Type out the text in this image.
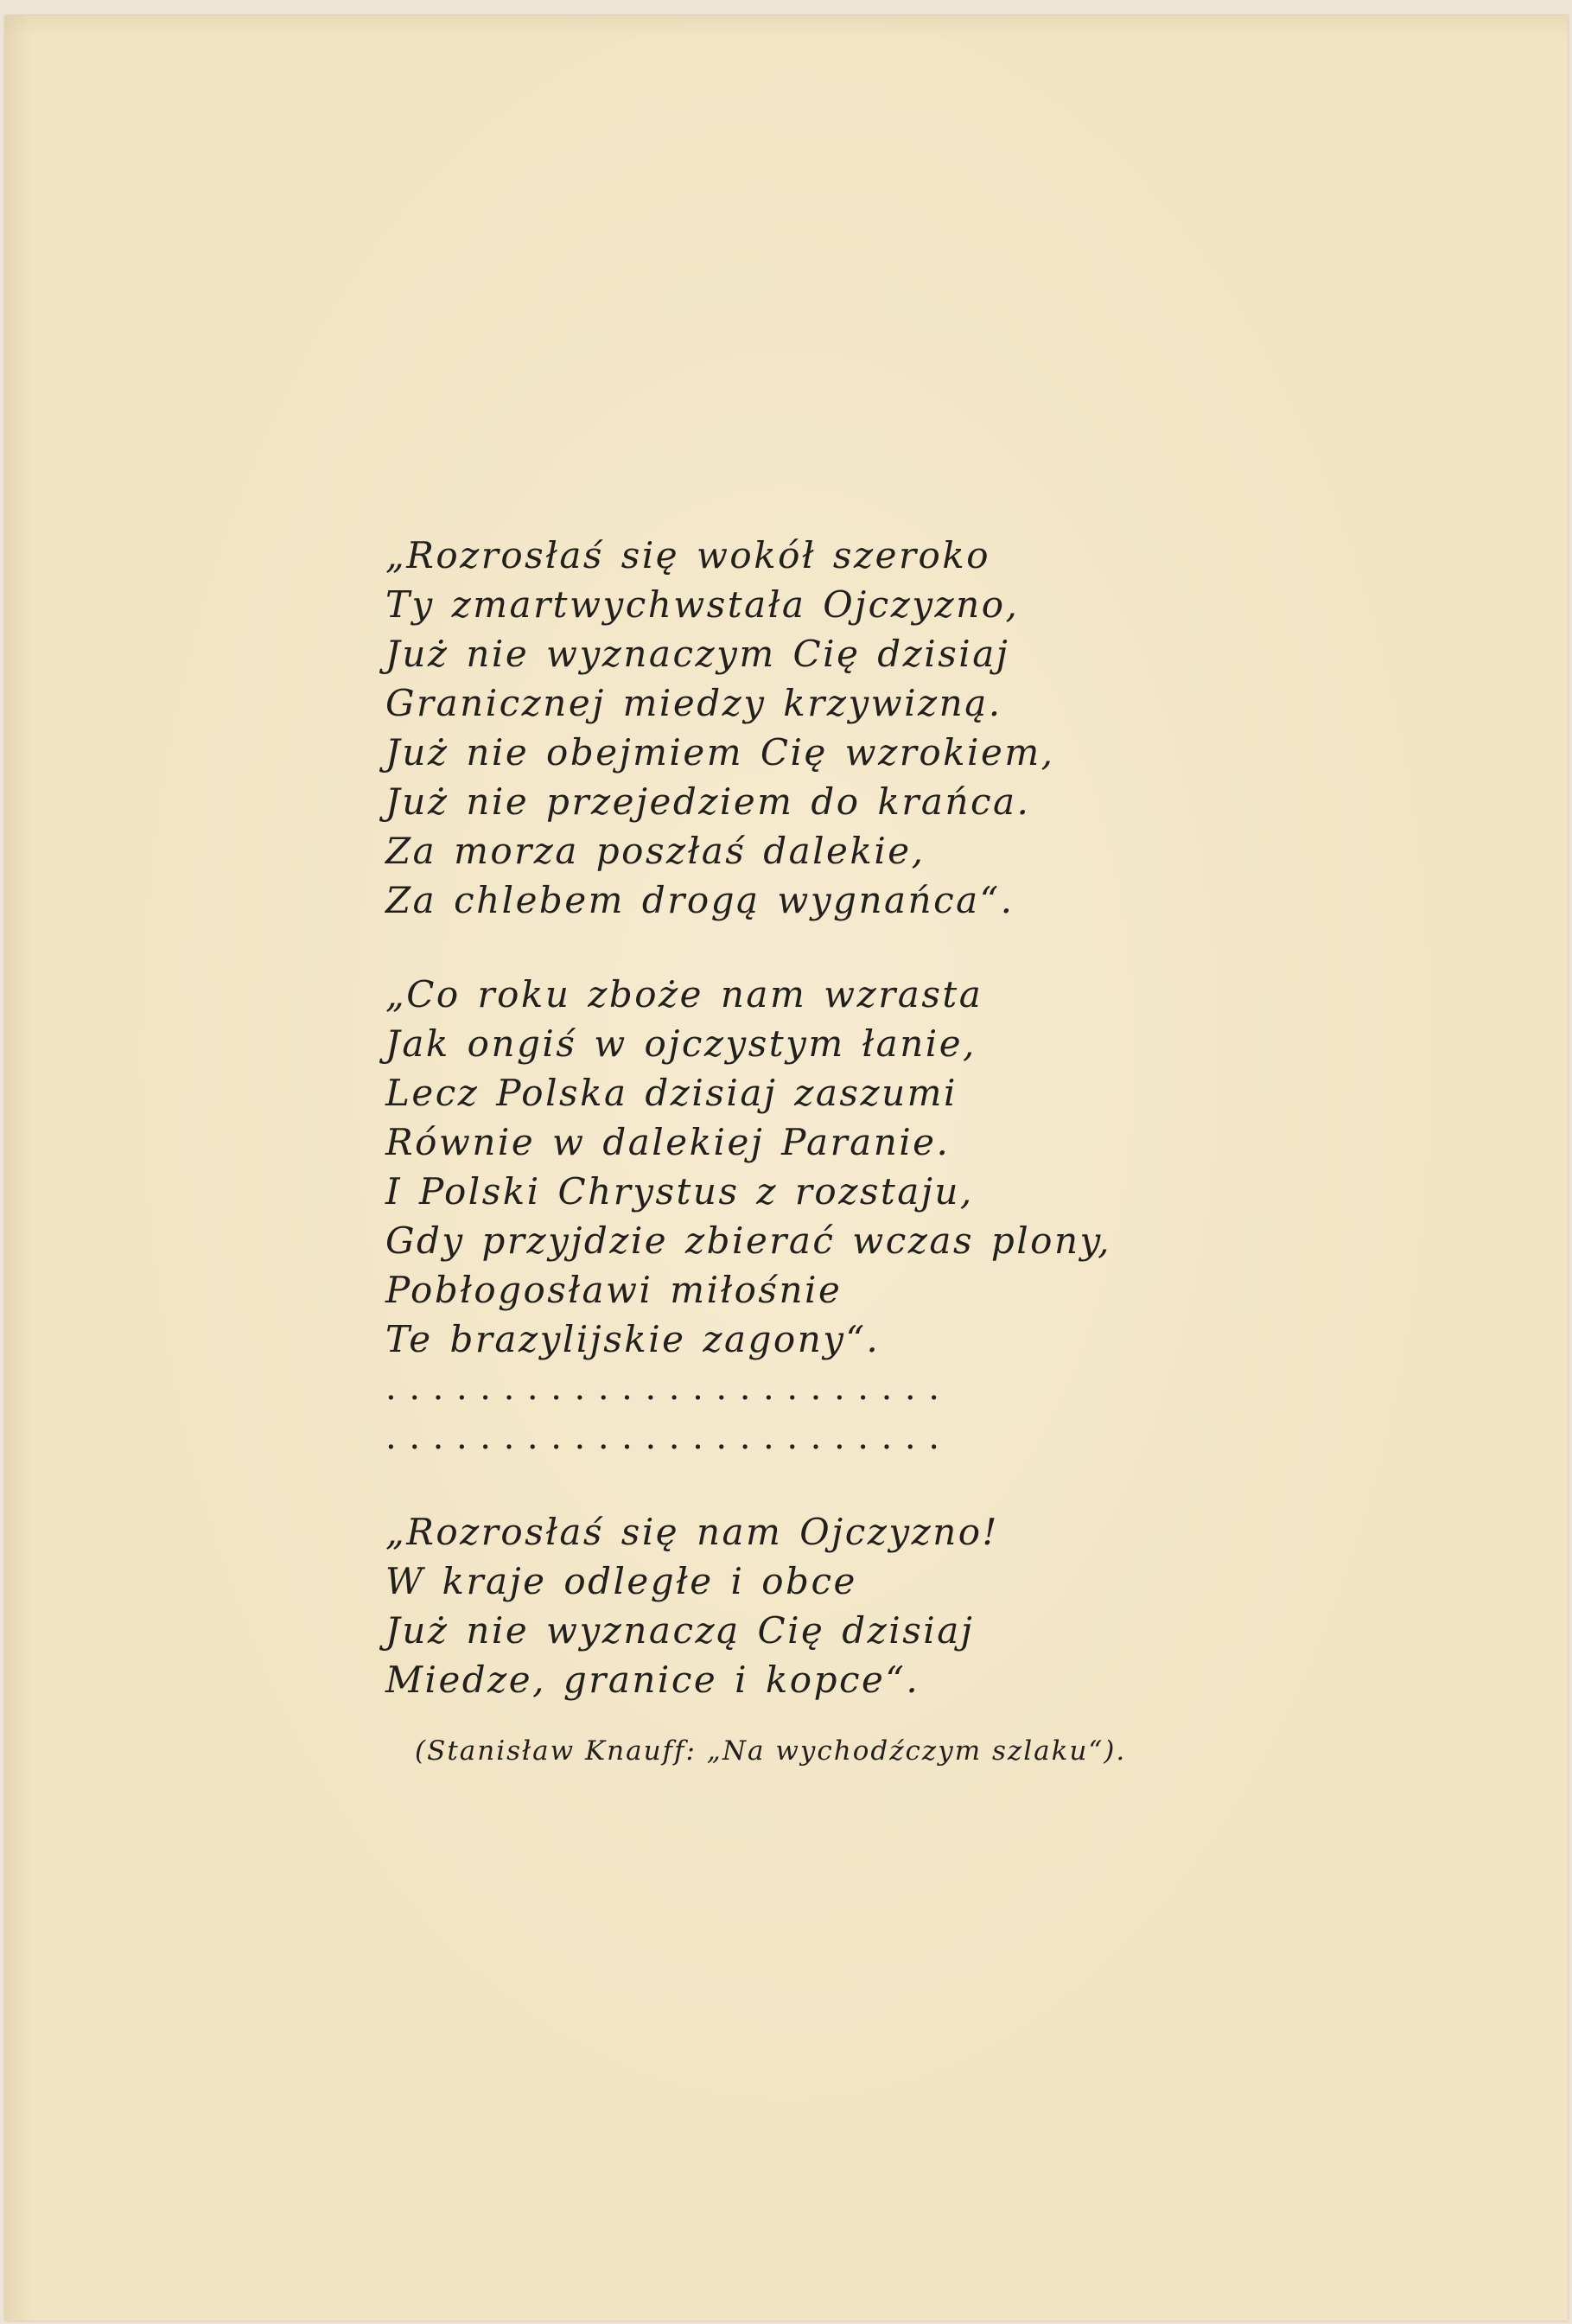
„Rozrosłaś się wokół szeroko
Ty zmartwychwstała Ojczyzno,
Już nie wyznaczym Cię dzisiaj
Granicznej miedzy krzywizną.
Już nie obejmiem Cię wzrokiem,
Już nie przejedziem do krańca.
Za morza poszłaś dalekie,
Za chlebem drogą wygnańca“.
„Co roku zboże nam wzrasta
Jak ongiś w ojczystym łanie,
Lecz Polska dzisiaj zaszumi
Równie w dalekiej Paranie.
I Polski Chrystus z rozstaju,
Gdy przyjdzie zbierać wczas plony,
Pobłogosławi miłośnie
Te brazylijskie zagony“.
........................
........................
„Rozrosłaś się nam Ojczyzno!
W kraje odległe i obce
Już nie wyznaczą Cię dzisiaj
Miedze, granice i kopce“.
(Stanisław Knauff: „Na wychodźczym szlaku“).
